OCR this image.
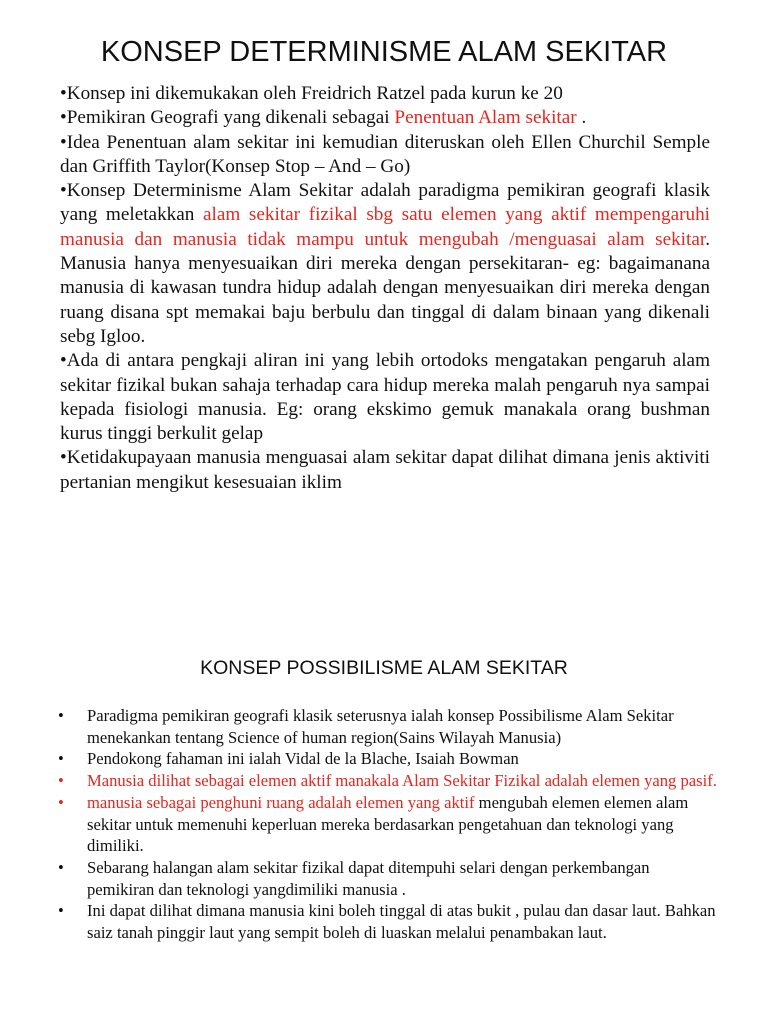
KONSEP DETERMINISME ALAM SEKITAR
•Konsep ini dikemukakan oleh Freidrich Ratzel pada kurun ke 20
•Pemikiran Geografi yang dikenali sebagai Penentuan Alam sekitar .
•Idea Penentuan alam sekitar ini kemudian diteruskan oleh Ellen Churchil Semple dan Griffith Taylor(Konsep Stop – And – Go)
•Konsep Determinisme Alam Sekitar adalah paradigma pemikiran geografi klasik yang meletakkan alam sekitar fizikal sbg satu elemen yang aktif mempengaruhi manusia dan manusia tidak mampu untuk mengubah /menguasai alam sekitar. Manusia hanya menyesuaikan diri mereka dengan persekitaran- eg: bagaimanana manusia di kawasan tundra hidup adalah dengan menyesuaikan diri mereka dengan ruang disana spt memakai baju berbulu dan tinggal di dalam binaan yang dikenali sebg Igloo.
•Ada di antara pengkaji aliran ini yang lebih ortodoks mengatakan pengaruh alam sekitar fizikal bukan sahaja terhadap cara hidup mereka malah pengaruh nya sampai kepada fisiologi manusia. Eg: orang ekskimo gemuk manakala orang bushman kurus tinggi berkulit gelap
•Ketidakupayaan manusia menguasai alam sekitar dapat dilihat dimana jenis aktiviti pertanian mengikut kesesuaian iklim
KONSEP POSSIBILISME ALAM SEKITAR
• Paradigma pemikiran geografi klasik seterusnya ialah konsep Possibilisme Alam Sekitar menekankan tentang Science of human region(Sains Wilayah Manusia)
• Pendokong fahaman ini ialah Vidal de la Blache, Isaiah Bowman
• Manusia dilihat sebagai elemen aktif manakala Alam Sekitar Fizikal adalah elemen yang pasif.
• manusia sebagai penghuni ruang adalah elemen yang aktif mengubah elemen elemen alam sekitar untuk memenuhi keperluan mereka berdasarkan pengetahuan dan teknologi yang dimiliki.
• Sebarang halangan alam sekitar fizikal dapat ditempuhi selari dengan perkembangan pemikiran dan teknologi yangdimiliki manusia .
• Ini dapat dilihat dimana manusia kini boleh tinggal di atas bukit , pulau dan dasar laut. Bahkan saiz tanah pinggir laut yang sempit boleh di luaskan melalui penambakan laut.
